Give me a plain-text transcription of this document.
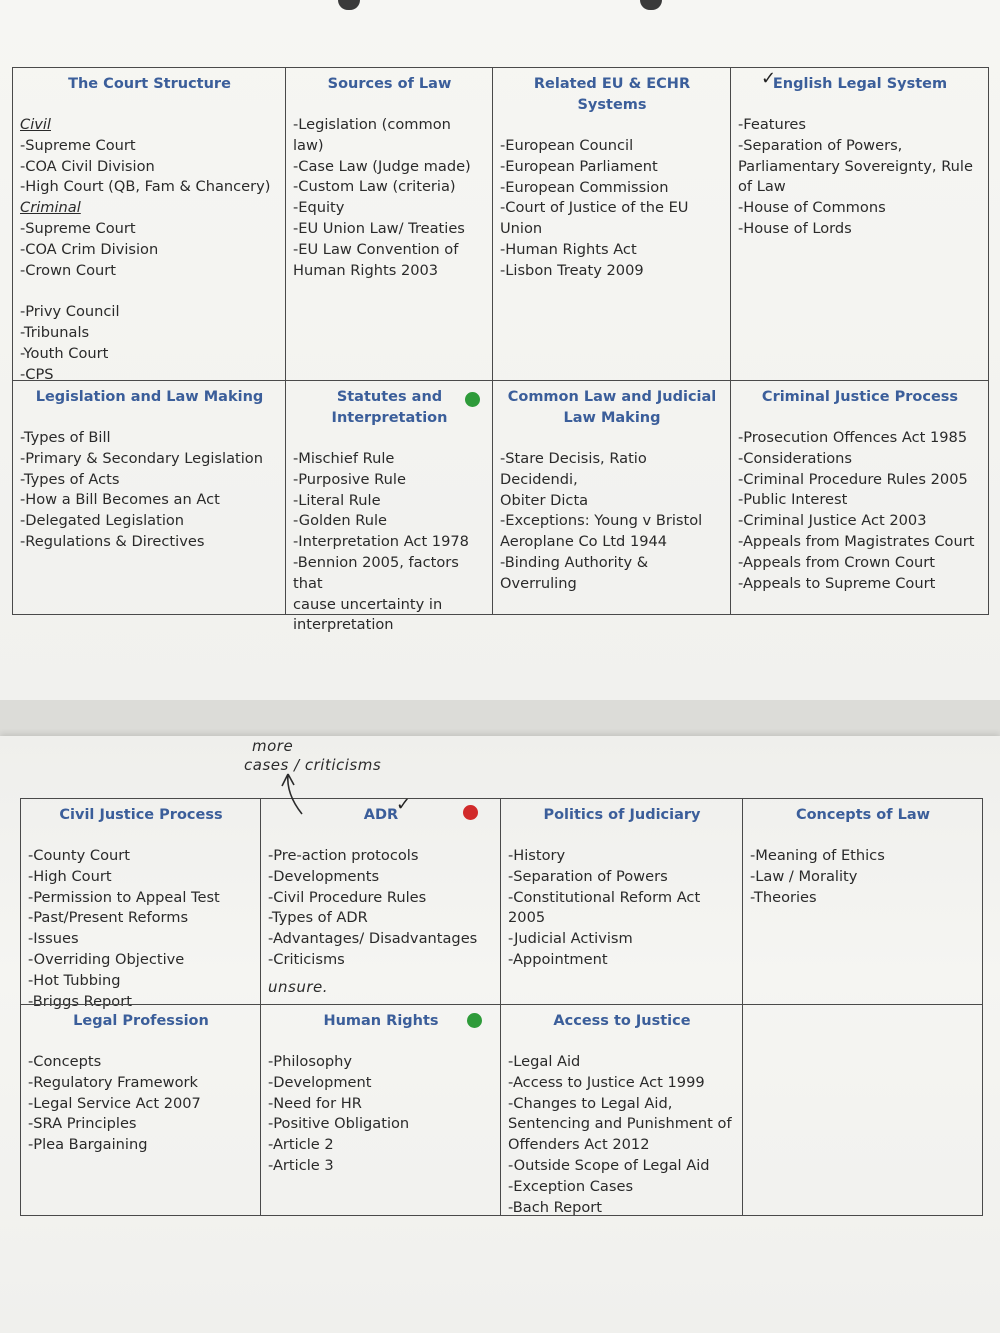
The Court Structure
Civil
-Supreme Court
-COA Civil Division
-High Court (QB, Fam & Chancery)
Criminal
-Supreme Court
-COA Crim Division
-Crown Court
-Privy Council
-Tribunals
-Youth Court
-CPS
Sources of Law
-Legislation (common law)
-Case Law (Judge made)
-Custom Law (criteria)
-Equity
-EU Union Law/ Treaties
-EU Law Convention of
Human Rights 2003
Related EU & ECHR Systems
-European Council
-European Parliament
-European Commission
-Court of Justice of the EU
Union
-Human Rights Act
-Lisbon Treaty 2009
English Legal System
-Features
-Separation of Powers,
Parliamentary Sovereignty, Rule
of Law
-House of Commons
-House of Lords
Legislation and Law Making
-Types of Bill
-Primary & Secondary Legislation
-Types of Acts
-How a Bill Becomes an Act
-Delegated Legislation
-Regulations & Directives
Statutes and Interpretation
-Mischief Rule
-Purposive Rule
-Literal Rule
-Golden Rule
-Interpretation Act 1978
-Bennion 2005, factors that
cause uncertainty in
interpretation
Common Law and Judicial Law Making
-Stare Decisis, Ratio Decidendi,
Obiter Dicta
-Exceptions: Young v Bristol
Aeroplane Co Ltd 1944
-Binding Authority &
Overruling
Criminal Justice Process
-Prosecution Offences Act 1985
-Considerations
-Criminal Procedure Rules 2005
-Public Interest
-Criminal Justice Act 2003
-Appeals from Magistrates Court
-Appeals from Crown Court
-Appeals to Supreme Court
Civil Justice Process
-County Court
-High Court
-Permission to Appeal Test
-Past/Present Reforms
-Issues
-Overriding Objective
-Hot Tubbing
-Briggs Report
ADR
-Pre-action protocols
-Developments
-Civil Procedure Rules
-Types of ADR
-Advantages/ Disadvantages
-Criticisms
Politics of Judiciary
-History
-Separation of Powers
-Constitutional Reform Act 2005
-Judicial Activism
-Appointment
Concepts of Law
-Meaning of Ethics
-Law / Morality
-Theories
Legal Profession
-Concepts
-Regulatory Framework
-Legal Service Act 2007
-SRA Principles
-Plea Bargaining
Human Rights
-Philosophy
-Development
-Need for HR
-Positive Obligation
-Article 2
-Article 3
Access to Justice
-Legal Aid
-Access to Justice Act 1999
-Changes to Legal Aid,
Sentencing and Punishment of
Offenders Act 2012
-Outside Scope of Legal Aid
-Exception Cases
-Bach Report
✓
✓
more
cases / criticisms
unsure.
